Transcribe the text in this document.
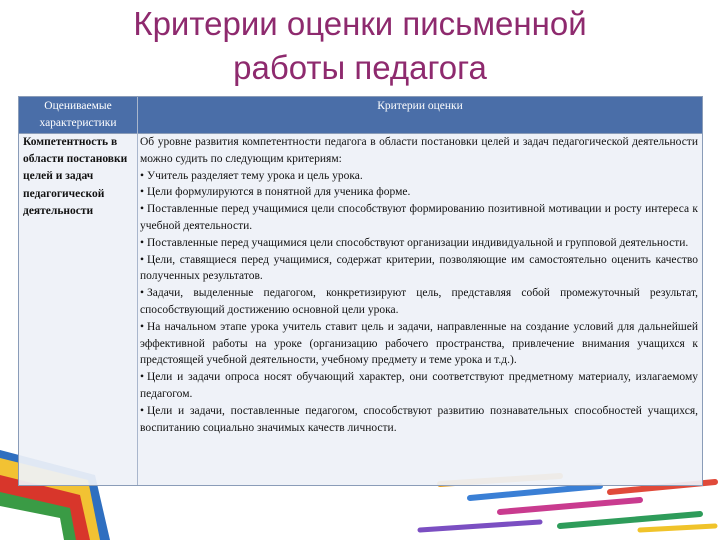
Критерии оценки письменной
работы педагога
Оцениваемые характеристики
Критерии оценки
Компетентность в области постановки целей и задач педагогической деятельности

Об уровне развития компетентности педагога в области постановки целей и задач педагогической деятельности можно судить по следующим критериям:

• Учитель разделяет тему урока и цель урока.

• Цели формулируются в понятной для ученика форме.

• Поставленные перед учащимися цели способствуют формированию позитивной мотивации и росту интереса к учебной деятельности.

• Поставленные перед учащимися цели способствуют организации индивидуальной и групповой деятельности.

• Цели, ставящиеся перед учащимися, содержат критерии, позволяющие им самостоятельно оценить качество полученных результатов.

• Задачи, выделенные педагогом, конкретизируют цель, представляя собой промежуточный результат, способствующий достижению основной цели урока.

• На начальном этапе урока учитель ставит цель и задачи, направленные на создание условий для дальнейшей эффективной работы на уроке (организацию рабочего пространства, привлечение внимания учащихся к предстоящей учебной деятельности, учебному предмету и теме урока и т.д.).

• Цели и задачи опроса носят обучающий характер, они соответствуют предметному материалу, излагаемому педагогом.

• Цели и задачи, поставленные педагогом, способствуют развитию познавательных способностей учащихся, воспитанию социально значимых качеств личности.
